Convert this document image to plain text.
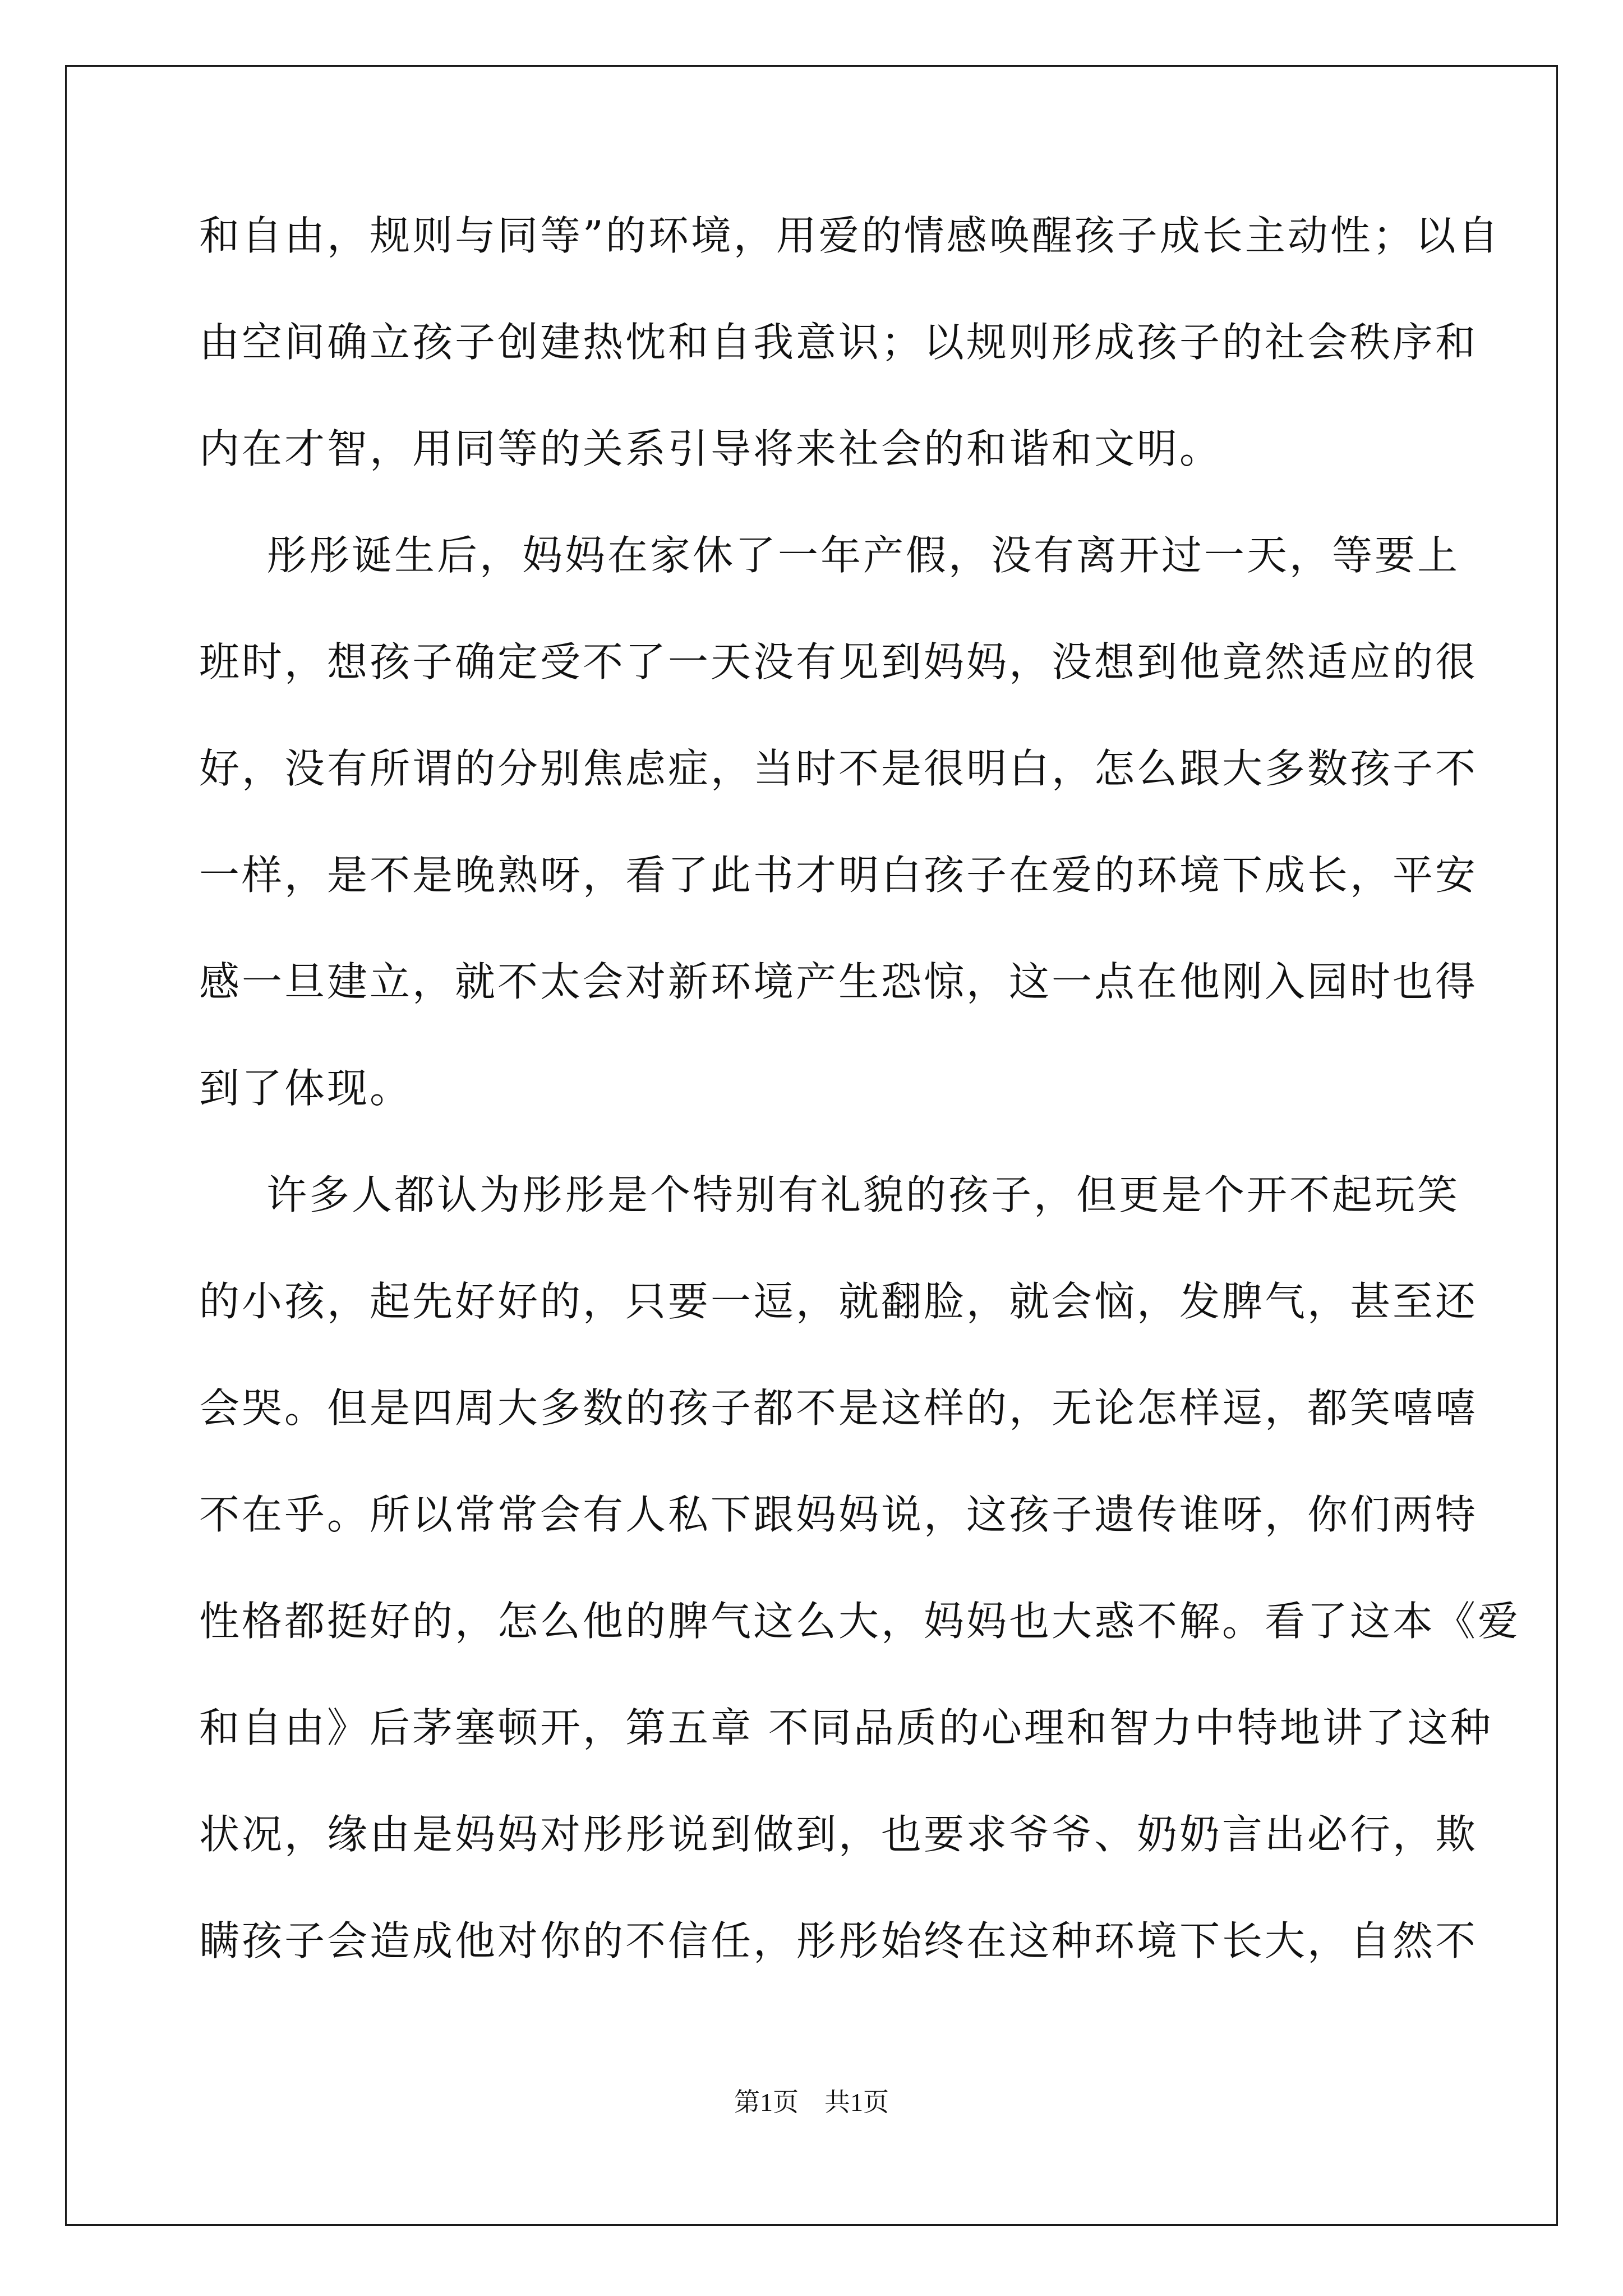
和自由，规则与同等”的环境，用爱的情感唤醒孩子成长主动性；以自
由空间确立孩子创建热忱和自我意识；以规则形成孩子的社会秩序和
内在才智，用同等的关系引导将来社会的和谐和文明。
彤彤诞生后，妈妈在家休了一年产假，没有离开过一天，等要上
班时，想孩子确定受不了一天没有见到妈妈，没想到他竟然适应的很
好，没有所谓的分别焦虑症，当时不是很明白，怎么跟大多数孩子不
一样，是不是晚熟呀，看了此书才明白孩子在爱的环境下成长，平安
感一旦建立，就不太会对新环境产生恐惊，这一点在他刚入园时也得
到了体现。
许多人都认为彤彤是个特别有礼貌的孩子，但更是个开不起玩笑
的小孩，起先好好的，只要一逗，就翻脸，就会恼，发脾气，甚至还
会哭。但是四周大多数的孩子都不是这样的，无论怎样逗，都笑嘻嘻
不在乎。所以常常会有人私下跟妈妈说，这孩子遗传谁呀，你们两特
性格都挺好的，怎么他的脾气这么大，妈妈也大惑不解。看了这本《爱
和自由》后茅塞顿开，第五章 不同品质的心理和智力中特地讲了这种
状况，缘由是妈妈对彤彤说到做到，也要求爷爷、奶奶言出必行，欺
瞒孩子会造成他对你的不信任，彤彤始终在这种环境下长大，自然不
第1页　共1页
